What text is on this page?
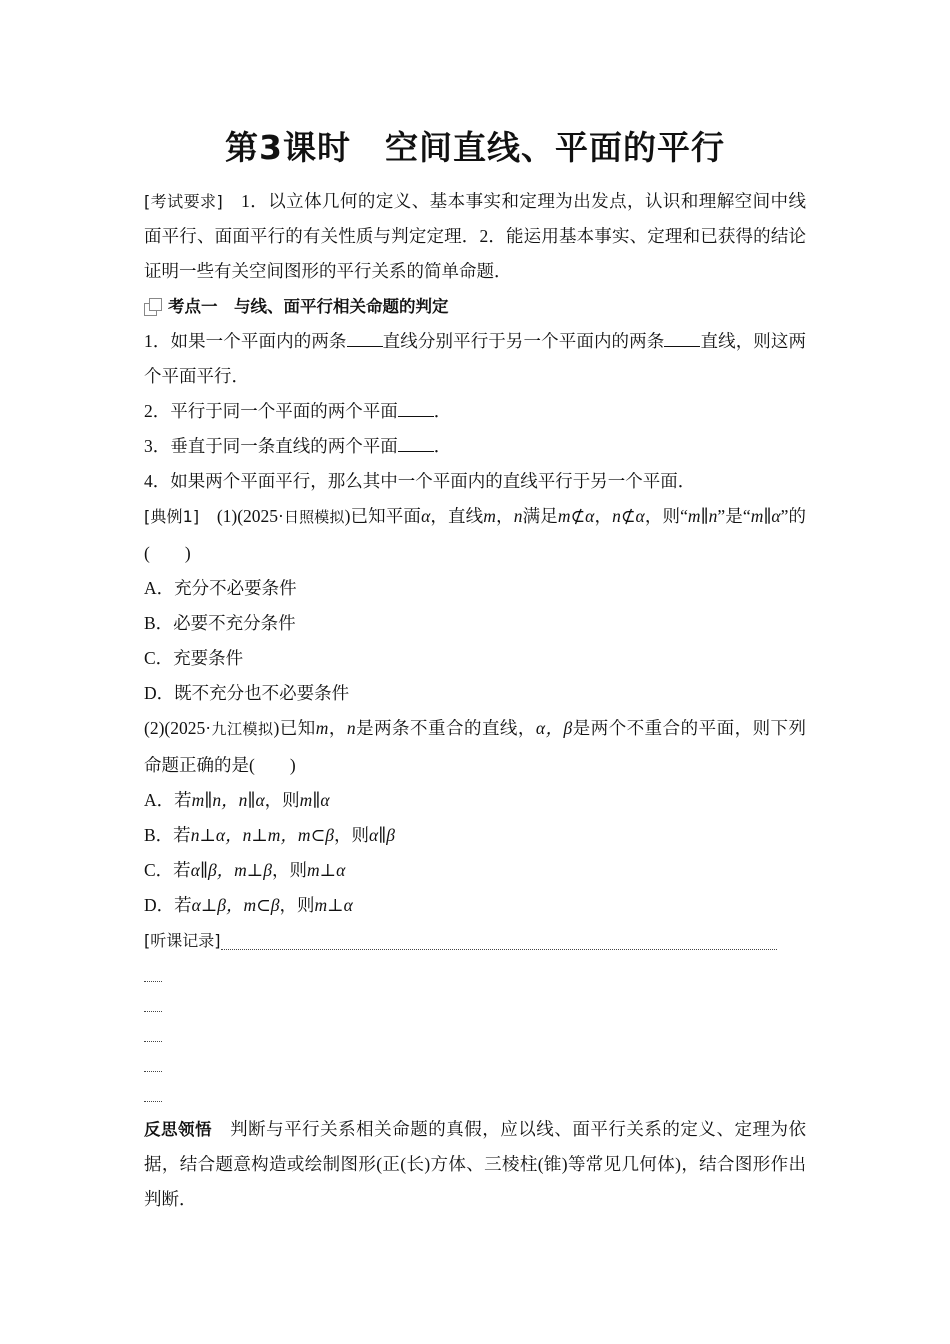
第3课时　空间直线、平面的平行
[考试要求]　1．以立体几何的定义、基本事实和定理为出发点，认识和理解空间中线面平行、面面平行的有关性质与判定定理．2．能运用基本事实、定理和已获得的结论证明一些有关空间图形的平行关系的简单命题．
考点一　与线、面平行相关命题的判定
1．如果一个平面内的两条 直线分别平行于另一个平面内的两条 直线，则这两个平面平行．
2．平行于同一个平面的两个平面 ．
3．垂直于同一条直线的两个平面 ．
4．如果两个平面平行，那么其中一个平面内的直线平行于另一个平面．
[典例1]　(1)(2025·日照模拟)已知平面α，直线m，n满足m⊄α，n⊄α，则“m∥n”是“m∥α”的(　　)
A．充分不必要条件
B．必要不充分条件
C．充要条件
D．既不充分也不必要条件
(2)(2025·九江模拟)已知m，n是两条不重合的直线，α，β是两个不重合的平面，则下列命题正确的是(　　)
A．若m∥n，n∥α，则m∥α
B．若n⊥α，n⊥m，m⊂β，则α∥β
C．若α∥β，m⊥β，则m⊥α
D．若α⊥β，m⊂β，则m⊥α
[听课记录]
反思领悟　判断与平行关系相关命题的真假，应以线、面平行关系的定义、定理为依据，结合题意构造或绘制图形(正(长)方体、三棱柱(锥)等常见几何体)，结合图形作出判断．
